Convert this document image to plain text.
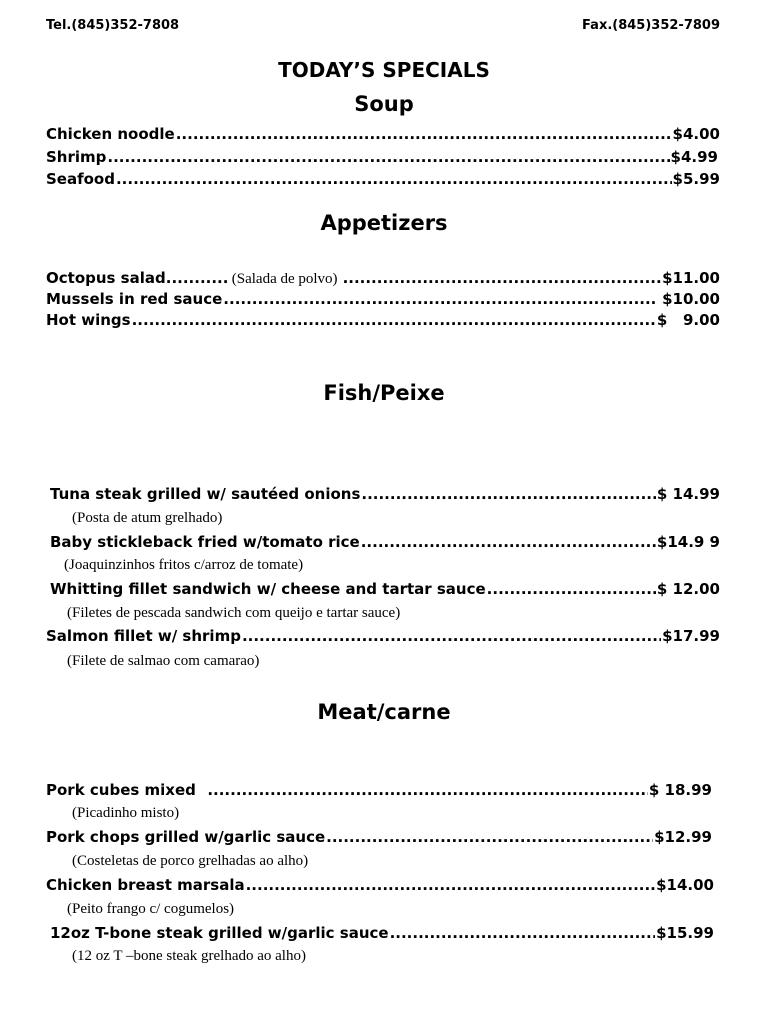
Tel.(845)352-7808	Fax.(845)352-7809
TODAY’S SPECIALS
Soup
Chicken noodle .....	$4.00
Shrimp .....	$4.99
Seafood .....	$5.99
Appetizers
Octopus salad .....	(Salada de polvo) .....	$11.00
Mussels in red sauce .....	$10.00
Hot wings .....	$   9.00
Fish/Peixe
Tuna steak grilled w/ sautéed onions .....	$ 14.99
(Posta de atum grelhado)
Baby stickleback fried w/tomato rice .....	$14.9 9
(Joaquinzinhos fritos c/arroz de tomate)
Whitting fillet sandwich w/ cheese and tartar sauce .....	$ 12.00
(Filetes de pescada sandwich com queijo e tartar sauce)
Salmon fillet w/ shrimp .....	$17.99
(Filete de salmao com camarao)
Meat/carne
Pork cubes mixed .....	$ 18.99
(Picadinho misto)
Pork chops grilled w/garlic sauce .....	$12.99
(Costeletas de porco grelhadas ao alho)
Chicken breast marsala .....	$14.00
(Peito frango c/ cogumelos)
12oz T-bone steak grilled w/garlic sauce .....	$15.99
(12 oz T –bone steak grelhado ao alho)
